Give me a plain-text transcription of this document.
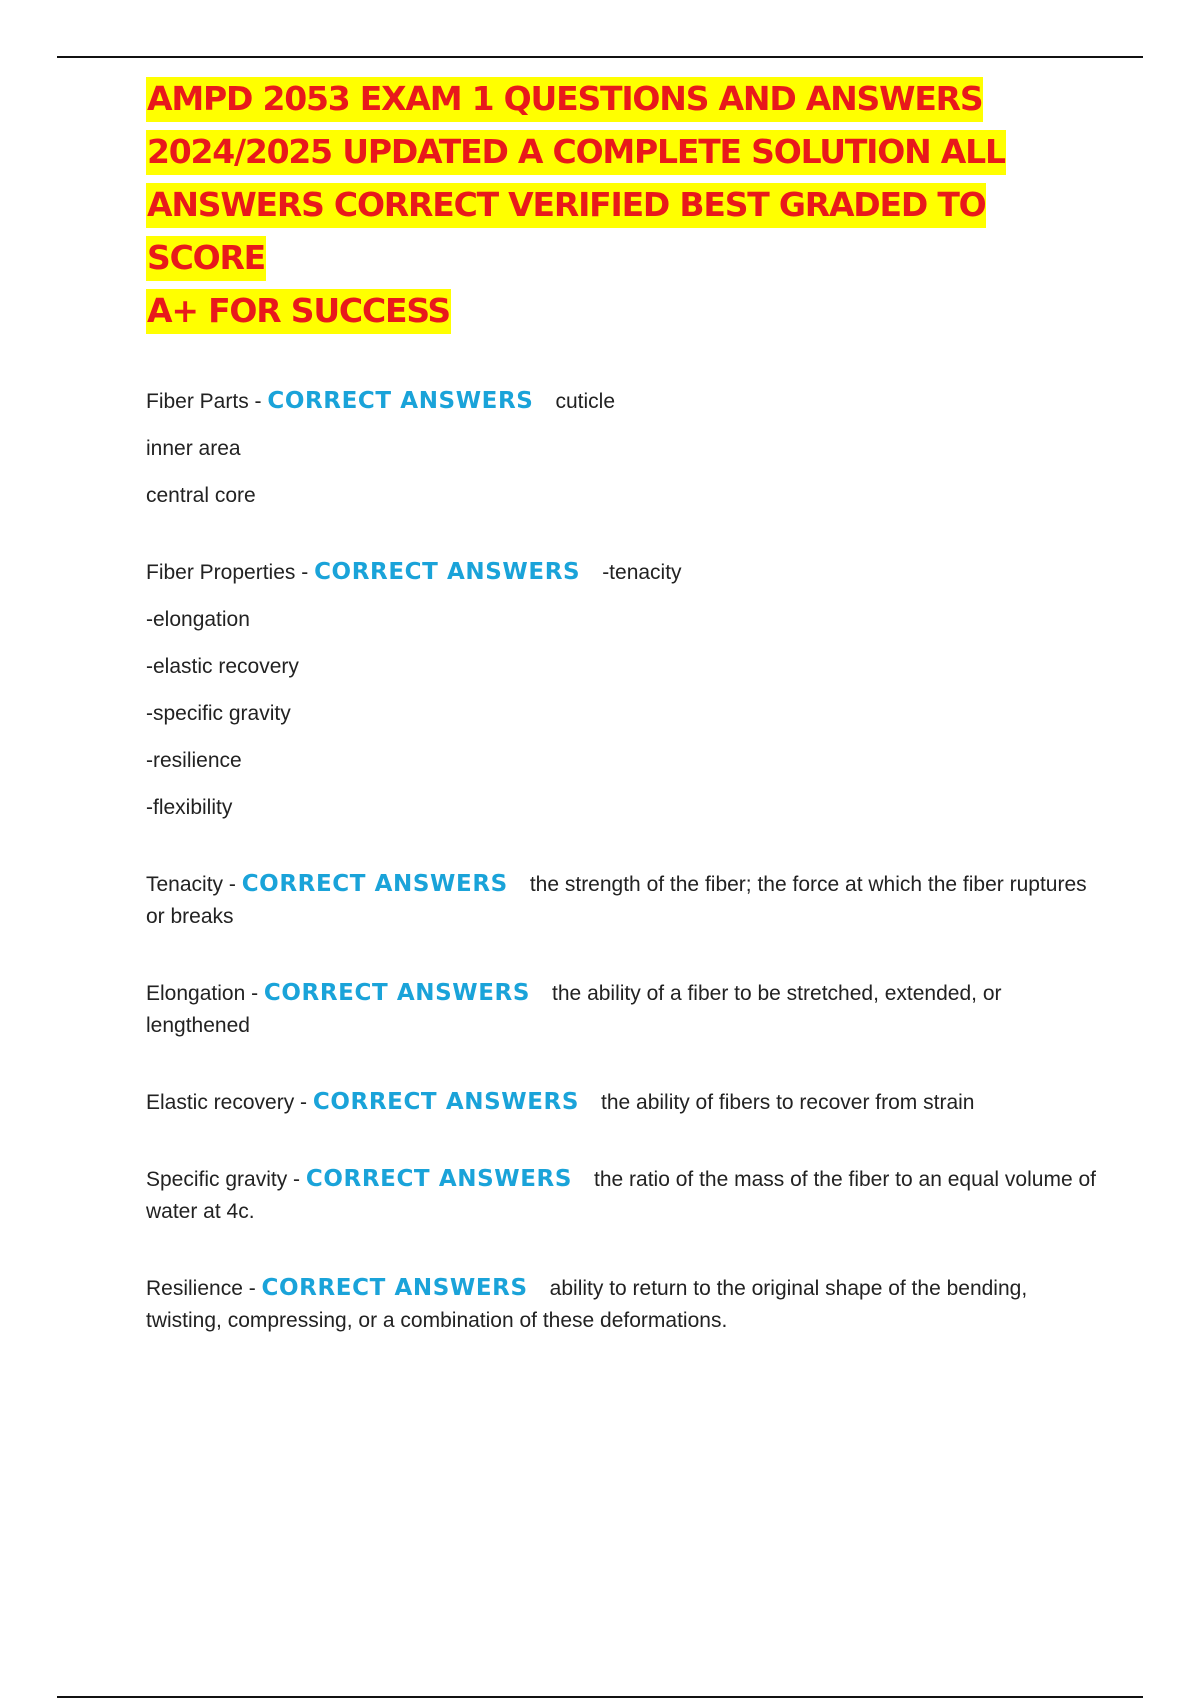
AMPD 2053 EXAM 1 QUESTIONS AND ANSWERS
2024/2025 UPDATED A COMPLETE SOLUTION ALL
ANSWERS CORRECT VERIFIED BEST GRADED TO SCORE
A+ FOR SUCCESS

Fiber Parts - CORRECT ANSWERS cuticle

inner area

central core

Fiber Properties - CORRECT ANSWERS -tenacity

-elongation

-elastic recovery

-specific gravity

-resilience

-flexibility

Tenacity - CORRECT ANSWERS the strength of the fiber; the force at which the fiber ruptures or breaks

Elongation - CORRECT ANSWERS the ability of a fiber to be stretched, extended, or lengthened

Elastic recovery - CORRECT ANSWERS the ability of fibers to recover from strain

Specific gravity - CORRECT ANSWERS the ratio of the mass of the fiber to an equal volume of water at 4c.

Resilience - CORRECT ANSWERS ability to return to the original shape of the bending, twisting, compressing, or a combination of these deformations.
